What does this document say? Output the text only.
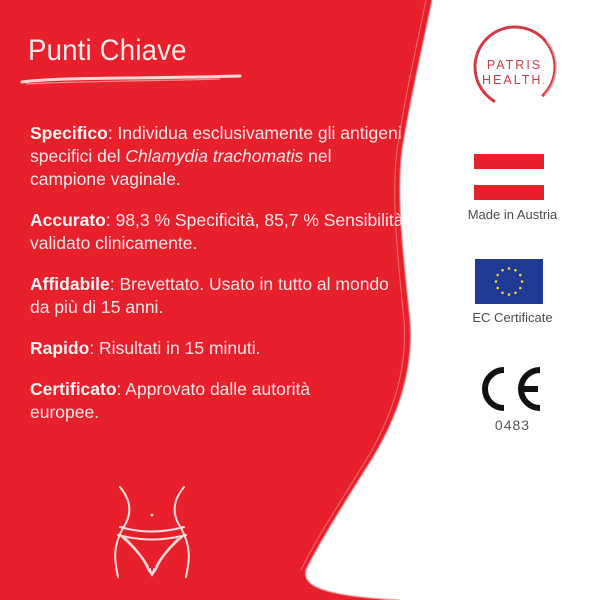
Punti Chiave
Specifico: Individua esclusivamente gli antigeni specifici del Chlamydia trachomatis nel campione vaginale.
Accurato: 98,3 % Specificità, 85,7 % Sensibilità, validato clinicamente.
Affidabile: Brevettato. Usato in tutto al mondo da più di 15 anni.
Rapido: Risultati in 15 minuti.
Certificato: Approvato dalle autorità europee.
PATRIS
HEALTH.
Made in Austria
EC Certificate
0483
